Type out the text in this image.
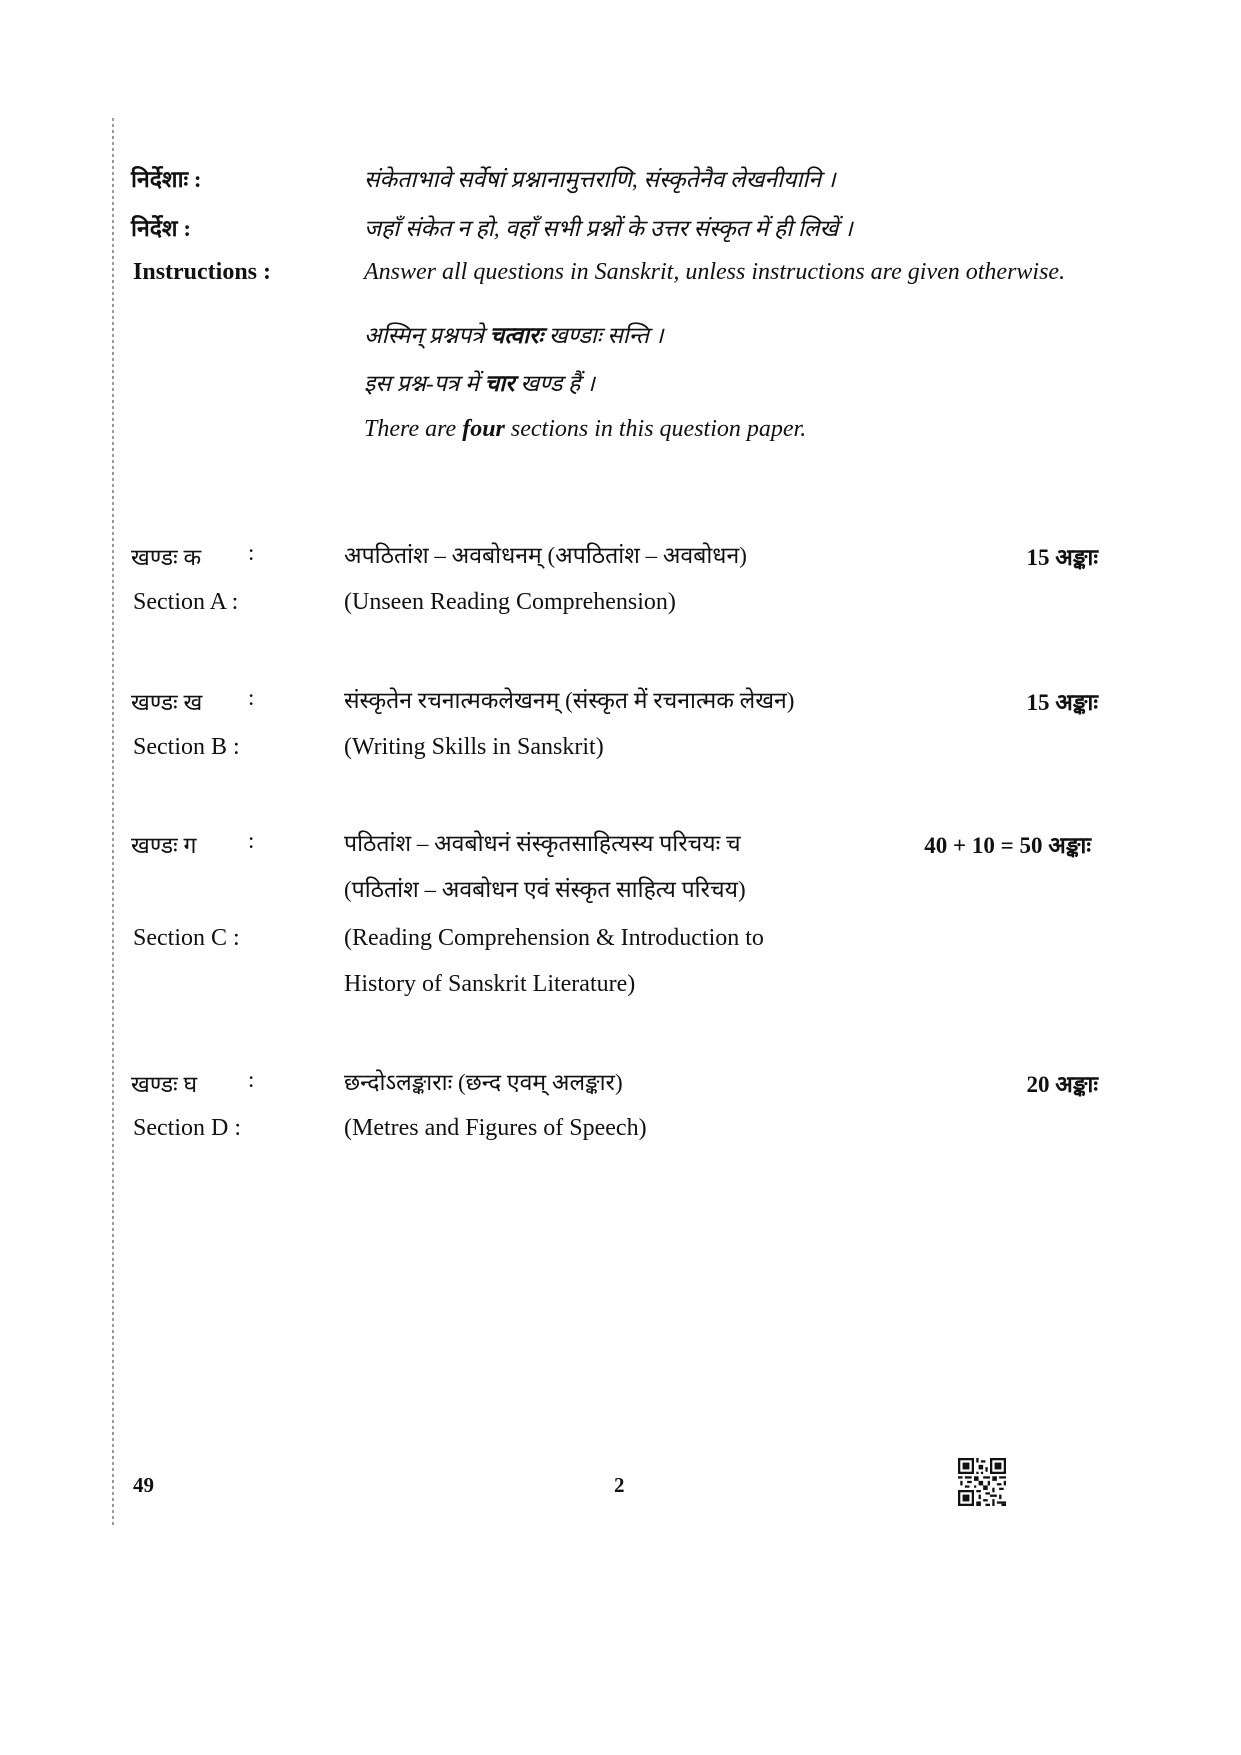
निर्देशाः :	संकेताभावे सर्वेषां प्रश्नानामुत्तराणि, संस्कृतेनैव लेखनीयानि ।
निर्देश :	जहाँ संकेत न हो, वहाँ सभी प्रश्नों के उत्तर संस्कृत में ही लिखें ।
Instructions :	Answer all questions in Sanskrit, unless instructions are given otherwise.
अस्मिन् प्रश्नपत्रे चत्वारः खण्डाः सन्ति ।
इस प्रश्न-पत्र में चार खण्ड हैं ।
There are four sections in this question paper.
खण्डः क :	अपठितांश – अवबोधनम् (अपठितांश – अवबोधन)	15 अङ्काः
Section A :	(Unseen Reading Comprehension)
खण्डः ख :	संस्कृतेन रचनात्मकलेखनम् (संस्कृत में रचनात्मक लेखन)	15 अङ्काः
Section B :	(Writing Skills in Sanskrit)
खण्डः ग :	पठितांश – अवबोधनं संस्कृतसाहित्यस्य परिचयः च	40 + 10 = 50 अङ्काः
(पठितांश – अवबोधन एवं संस्कृत साहित्य परिचय)
Section C :	(Reading Comprehension & Introduction to
History of Sanskrit Literature)
खण्डः घ :	छन्दोऽलङ्काराः (छन्द एवम् अलङ्कार)	20 अङ्काः
Section D :	(Metres and Figures of Speech)
49	2
